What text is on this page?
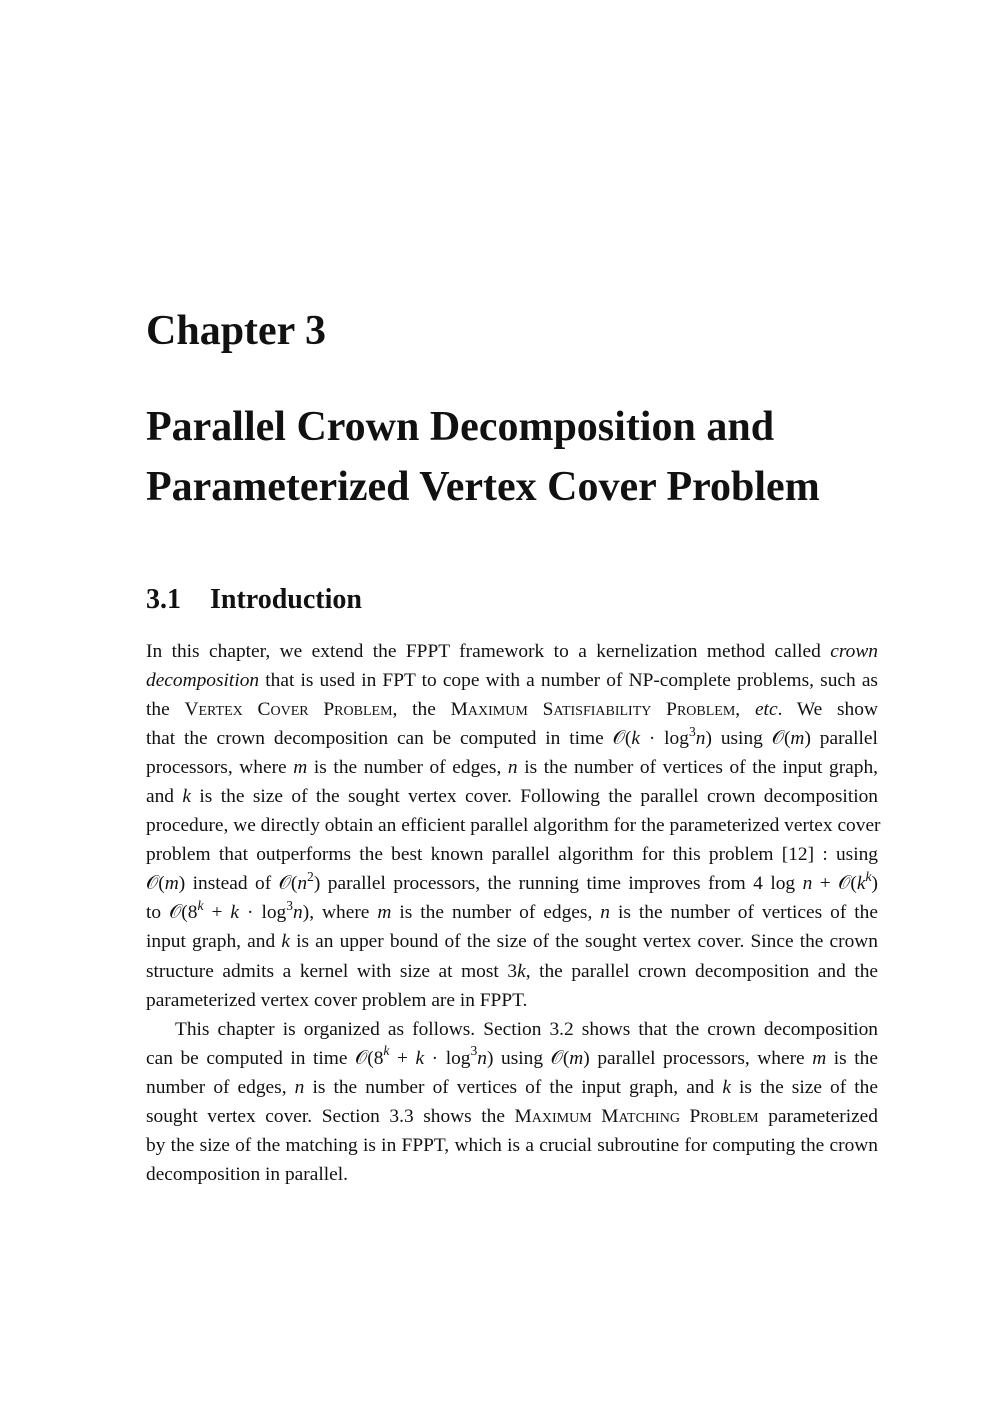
Chapter 3
Parallel Crown Decomposition and
Parameterized Vertex Cover Problem
3.1 Introduction
In this chapter, we extend the FPPT framework to a kernelization method called crown
decomposition that is used in FPT to cope with a number of NP-complete problems, such as
the Vertex Cover Problem, the Maximum Satisfiability Problem, etc. We show
that the crown decomposition can be computed in time 𝒪(k · $\log^3n$) using 𝒪(m) parallel
processors, where m is the number of edges, n is the number of vertices of the input graph,
and k is the size of the sought vertex cover. Following the parallel crown decomposition
procedure, we directly obtain an efficient parallel algorithm for the parameterized vertex cover
problem that outperforms the best known parallel algorithm for this problem [12] : using
𝒪(m) instead of $𝒪(n^2)$ parallel processors, the running time improves from 4 $\log n + 𝒪(k^k)$
to $𝒪(8^k + k \cdot \log^3n)$, where m is the number of edges, n is the number of vertices of the
input graph, and k is an upper bound of the size of the sought vertex cover. Since the crown
structure admits a kernel with size at most 3k, the parallel crown decomposition and the
parameterized vertex cover problem are in FPPT.
This chapter is organized as follows. Section 3.2 shows that the crown decomposition
can be computed in time $𝒪(8^k + k \cdot \log^3n)$ using 𝒪(m) parallel processors, where m is the
number of edges, n is the number of vertices of the input graph, and k is the size of the
sought vertex cover. Section 3.3 shows the Maximum Matching Problem parameterized
by the size of the matching is in FPPT, which is a crucial subroutine for computing the crown
decomposition in parallel.
